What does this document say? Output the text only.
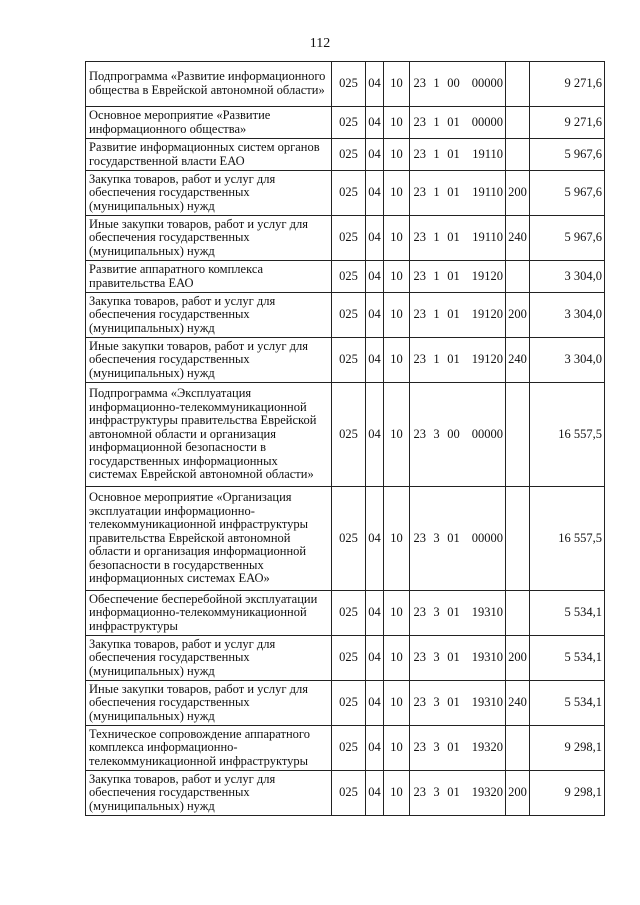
112
Подпрограмма «Развитие информационного общества в Еврейской автономной области»	025	04	10	23	1	00	00000		9 271,6
Основное мероприятие «Развитие информационного общества»	025	04	10	23	1	01	00000		9 271,6
Развитие информационных систем органов государственной власти ЕАО	025	04	10	23	1	01	19110		5 967,6
Закупка товаров, работ и услуг для обеспечения государственных (муниципальных) нужд	025	04	10	23	1	01	19110	200	5 967,6
Иные закупки товаров, работ и услуг для обеспечения государственных (муниципальных) нужд	025	04	10	23	1	01	19110	240	5 967,6
Развитие аппаратного комплекса правительства ЕАО	025	04	10	23	1	01	19120		3 304,0
Закупка товаров, работ и услуг для обеспечения государственных (муниципальных) нужд	025	04	10	23	1	01	19120	200	3 304,0
Иные закупки товаров, работ и услуг для обеспечения государственных (муниципальных) нужд	025	04	10	23	1	01	19120	240	3 304,0
Подпрограмма «Эксплуатация информационно-телекоммуникационной инфраструктуры правительства Еврейской автономной области и организация информационной безопасности в государственных информационных системах Еврейской автономной области»	025	04	10	23	3	00	00000		16 557,5
Основное мероприятие «Организация эксплуатации информационно-телекоммуникационной инфраструктуры правительства Еврейской автономной области и организация информационной безопасности в государственных информационных системах ЕАО»	025	04	10	23	3	01	00000		16 557,5
Обеспечение бесперебойной эксплуатации информационно-телекоммуникационной инфраструктуры	025	04	10	23	3	01	19310		5 534,1
Закупка товаров, работ и услуг для обеспечения государственных (муниципальных) нужд	025	04	10	23	3	01	19310	200	5 534,1
Иные закупки товаров, работ и услуг для обеспечения государственных (муниципальных) нужд	025	04	10	23	3	01	19310	240	5 534,1
Техническое сопровождение аппаратного комплекса информационно-телекоммуникационной инфраструктуры	025	04	10	23	3	01	19320		9 298,1
Закупка товаров, работ и услуг для обеспечения государственных (муниципальных) нужд	025	04	10	23	3	01	19320	200	9 298,1
